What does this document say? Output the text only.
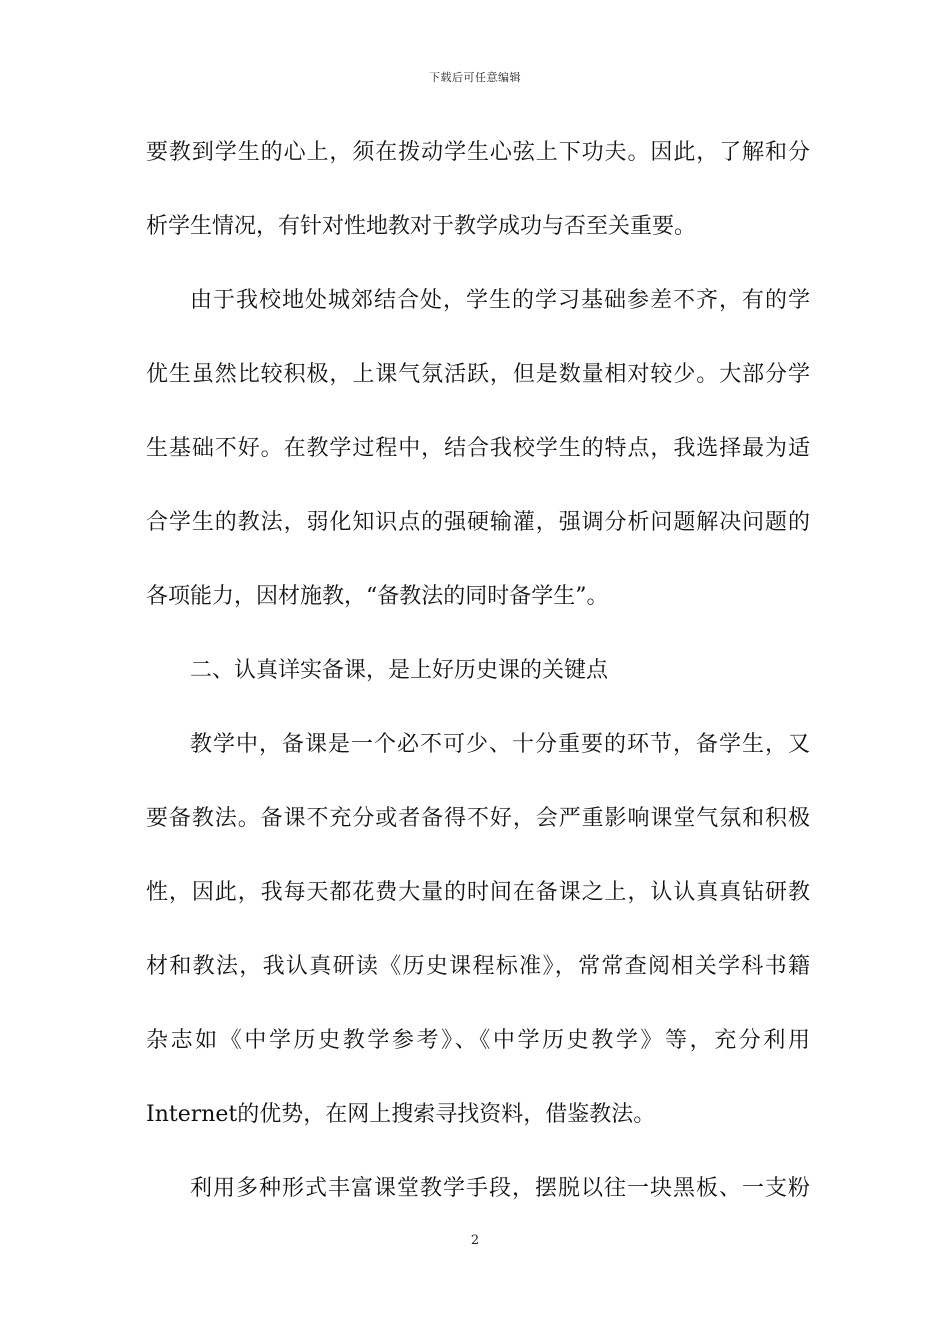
下载后可任意编辑
要教到学生的心上，须在拨动学生心弦上下功夫。因此，了解和分
析学生情况，有针对性地教对于教学成功与否至关重要。
由于我校地处城郊结合处，学生的学习基础参差不齐，有的学
优生虽然比较积极，上课气氛活跃，但是数量相对较少。大部分学
生基础不好。在教学过程中，结合我校学生的特点，我选择最为适
合学生的教法，弱化知识点的强硬输灌，强调分析问题解决问题的
各项能力，因材施教，“备教法的同时备学生”。
二、认真详实备课，是上好历史课的关键点
教学中，备课是一个必不可少、十分重要的环节，备学生，又
要备教法。备课不充分或者备得不好，会严重影响课堂气氛和积极
性，因此，我每天都花费大量的时间在备课之上，认认真真钻研教
材和教法，我认真研读《历史课程标准》，常常查阅相关学科书籍
杂志如《中学历史教学参考》、《中学历史教学》等，充分利用
Internet的优势，在网上搜索寻找资料，借鉴教法。
利用多种形式丰富课堂教学手段，摆脱以往一块黑板、一支粉
2
